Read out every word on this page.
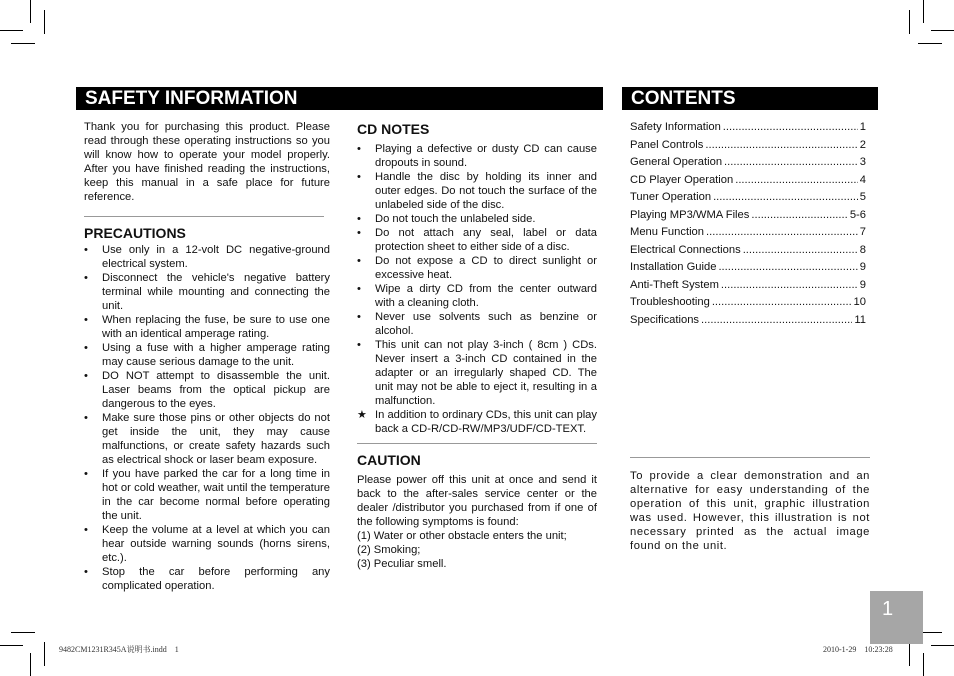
SAFETY INFORMATION	CONTENTS

Thank you for purchasing this product. Please read through these operating instructions so you will know how to operate your model properly. After you have finished reading the instructions, keep this manual in a safe place for future reference.

PRECAUTIONS
•	Use only in a 12-volt DC negative-ground electrical system.
•	Disconnect the vehicle's negative battery terminal while mounting and connecting the unit.
•	When replacing the fuse, be sure to use one with an identical amperage rating.
•	Using a fuse with a higher amperage rating may cause serious damage to the unit.
•	DO NOT attempt to disassemble the unit. Laser beams from the optical pickup are dangerous to the eyes.
•	Make sure those pins or other objects do not get inside the unit, they may cause malfunctions, or create safety hazards such as electrical shock or laser beam exposure.
•	If you have parked the car for a long time in hot or cold weather, wait until the temperature in the car become normal before operating the unit.
•	Keep the volume at a level at which you can hear outside warning sounds (horns sirens, etc.).
•	Stop the car before performing any complicated operation.
CD NOTES
•	Playing a defective or dusty CD can cause dropouts in sound.
•	Handle the disc by holding its inner and outer edges. Do not touch the surface of the unlabeled side of the disc.
•	Do not touch the unlabeled side.
•	Do not attach any seal, label or data protection sheet to either side of a disc.
•	Do not expose a CD to direct sunlight or excessive heat.
•	Wipe a dirty CD from the center outward with a cleaning cloth.
•	Never use solvents such as benzine or alcohol.
•	This unit can not play 3-inch ( 8cm ) CDs. Never insert a 3-inch CD contained in the adapter or an irregularly shaped CD. The unit may not be able to eject it, resulting in a malfunction.
★ In addition to ordinary CDs, this unit can play back a CD-R/CD-RW/MP3/UDF/CD-TEXT.
CAUTION

Please power off this unit at once and send it back to the after-sales service center or the dealer /distributor you purchased from if one of the following symptoms is found:

(1) Water or other obstacle enters the unit;
(2) Smoking;
(3) Peculiar smell.
Safety Information .....	1
Panel Controls .....	2
General Operation .....	3
CD Player Operation .....	4
Tuner Operation .....	5
Playing MP3/WMA Files .....	5-6
Menu Function .....	7
Electrical Connections .....	8
Installation Guide .....	9
Anti-Theft System .....	9
Troubleshooting .....	10
Specifications .....	11

To provide a clear demonstration and an alternative for easy understanding of the operation of this unit, graphic illustration was used. However, this illustration is not necessary printed as the actual image found on the unit.

1
9482CM1231R345A说明书.indd　1	2010-1-29　10:23:28
